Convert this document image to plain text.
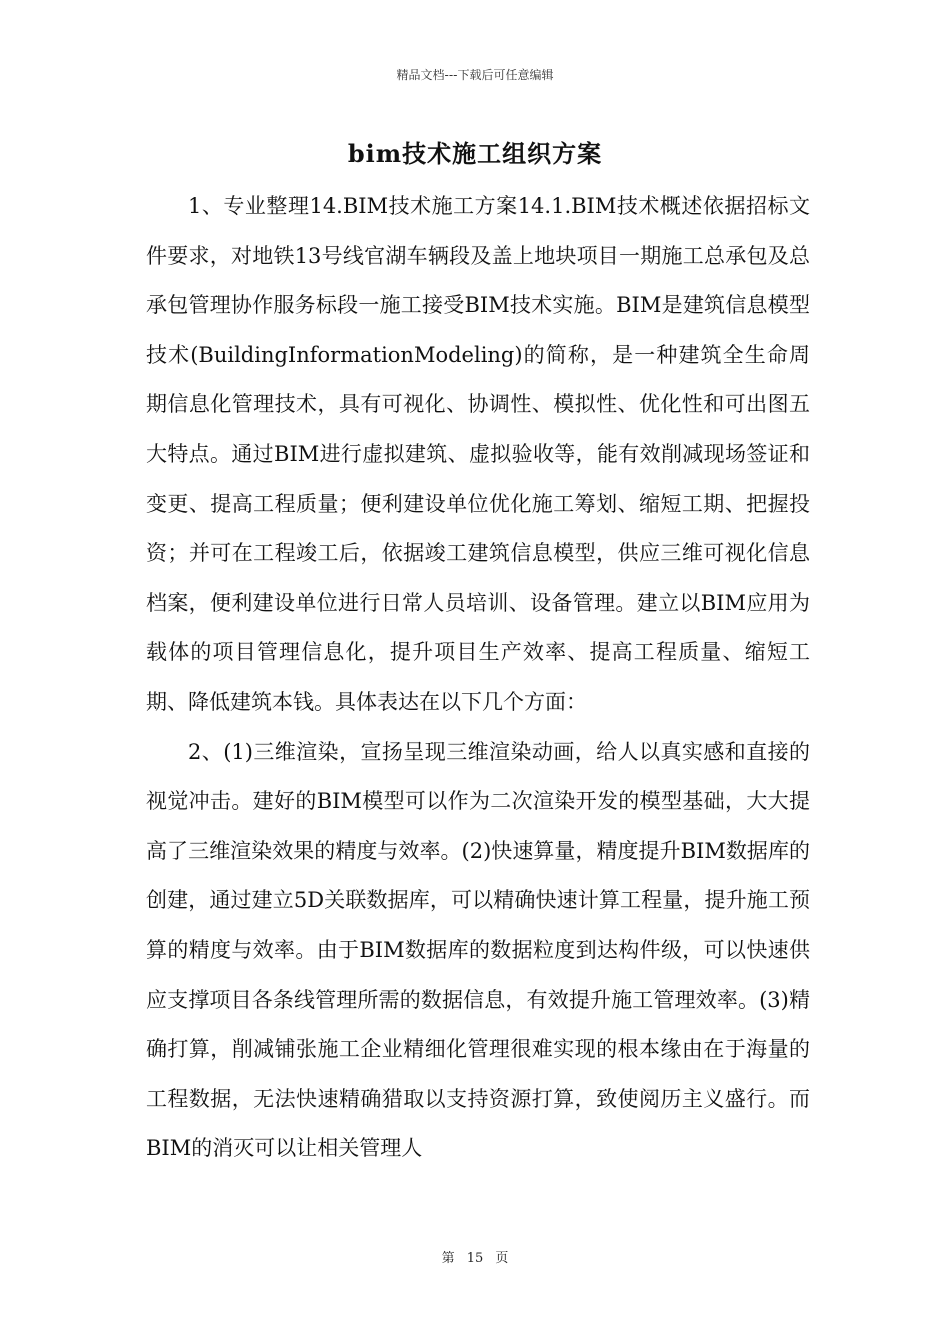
精品文档---下载后可任意编辑
bim技术施工组织方案

1、专业整理14.BIM技术施工方案14.1.BIM技术概述依据招标文件要求，对地铁13号线官湖车辆段及盖上地块项目一期施工总承包及总承包管理协作服务标段一施工接受BIM技术实施。BIM是建筑信息模型技术(BuildingInformationModeling)的简称，是一种建筑全生命周期信息化管理技术，具有可视化、协调性、模拟性、优化性和可出图五大特点。通过BIM进行虚拟建筑、虚拟验收等，能有效削减现场签证和变更、提高工程质量；便利建设单位优化施工筹划、缩短工期、把握投资；并可在工程竣工后，依据竣工建筑信息模型，供应三维可视化信息档案，便利建设单位进行日常人员培训、设备管理。建立以BIM应用为载体的项目管理信息化，提升项目生产效率、提高工程质量、缩短工期、降低建筑本钱。具体表达在以下几个方面：

2、(1)三维渲染，宣扬呈现三维渲染动画，给人以真实感和直接的视觉冲击。建好的BIM模型可以作为二次渲染开发的模型基础，大大提高了三维渲染效果的精度与效率。(2)快速算量，精度提升BIM数据库的创建，通过建立5D关联数据库，可以精确快速计算工程量，提升施工预算的精度与效率。由于BIM数据库的数据粒度到达构件级，可以快速供应支撑项目各条线管理所需的数据信息，有效提升施工管理效率。(3)精确打算，削减铺张施工企业精细化管理很难实现的根本缘由在于海量的工程数据，无法快速精确猎取以支持资源打算，致使阅历主义盛行。而BIM的消灭可以让相关管理人

第 15 页
